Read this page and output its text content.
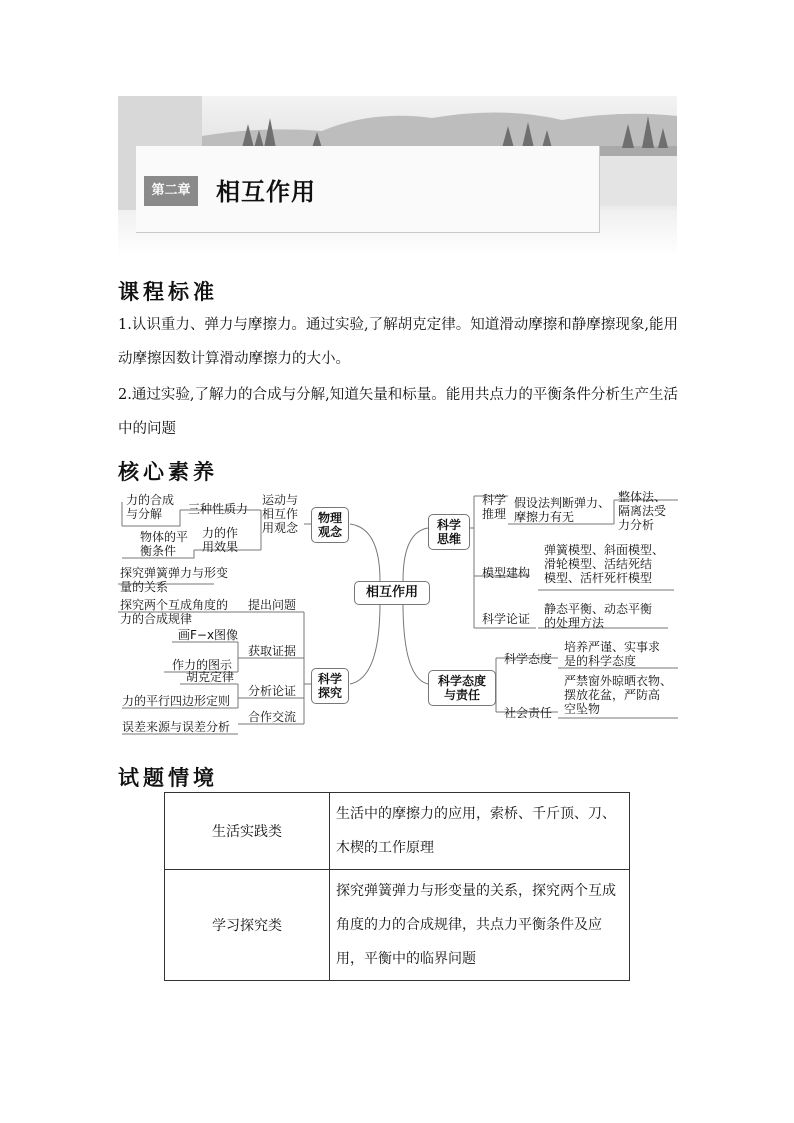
第二章	相互作用
课程标准
1.认识重力、弹力与摩擦力。通过实验,了解胡克定律。知道滑动摩擦和静摩擦现象,能用动摩擦因数计算滑动摩擦力的大小。
2.通过实验,了解力的合成与分解,知道矢量和标量。能用共点力的平衡条件分析生产生活中的问题
核心素养
相互作用
物理
观念
运动与
相互作
用观念
三种性质力
力的合成
与分解
力的作
用效果
物体的平
衡条件
科学
探究
探究弹簧弹力与形变
量的关系
探究两个互成角度的
力的合成规律
提出问题
获取证据
画F−x图像
作力的图示
分析论证
胡克定律
力的平行四边形定则
合作交流
误差来源与误差分析
科学
思维
科学
推理
假设法判断弹力、
摩擦力有无
整体法、
隔离法受
力分析
模型建构
弹簧模型、斜面模型、
滑轮模型、活结死结
模型、活杆死杆模型
科学论证
静态平衡、动态平衡
的处理方法
科学态度
与责任
科学态度
培养严谨、实事求
是的科学态度
社会责任
严禁窗外晾晒衣物、
摆放花盆，严防高
空坠物
试题情境
生活实践类	生活中的摩擦力的应用，索桥、千斤顶、刀、木楔的工作原理
学习探究类	探究弹簧弹力与形变量的关系，探究两个互成角度的力的合成规律，共点力平衡条件及应用，平衡中的临界问题
